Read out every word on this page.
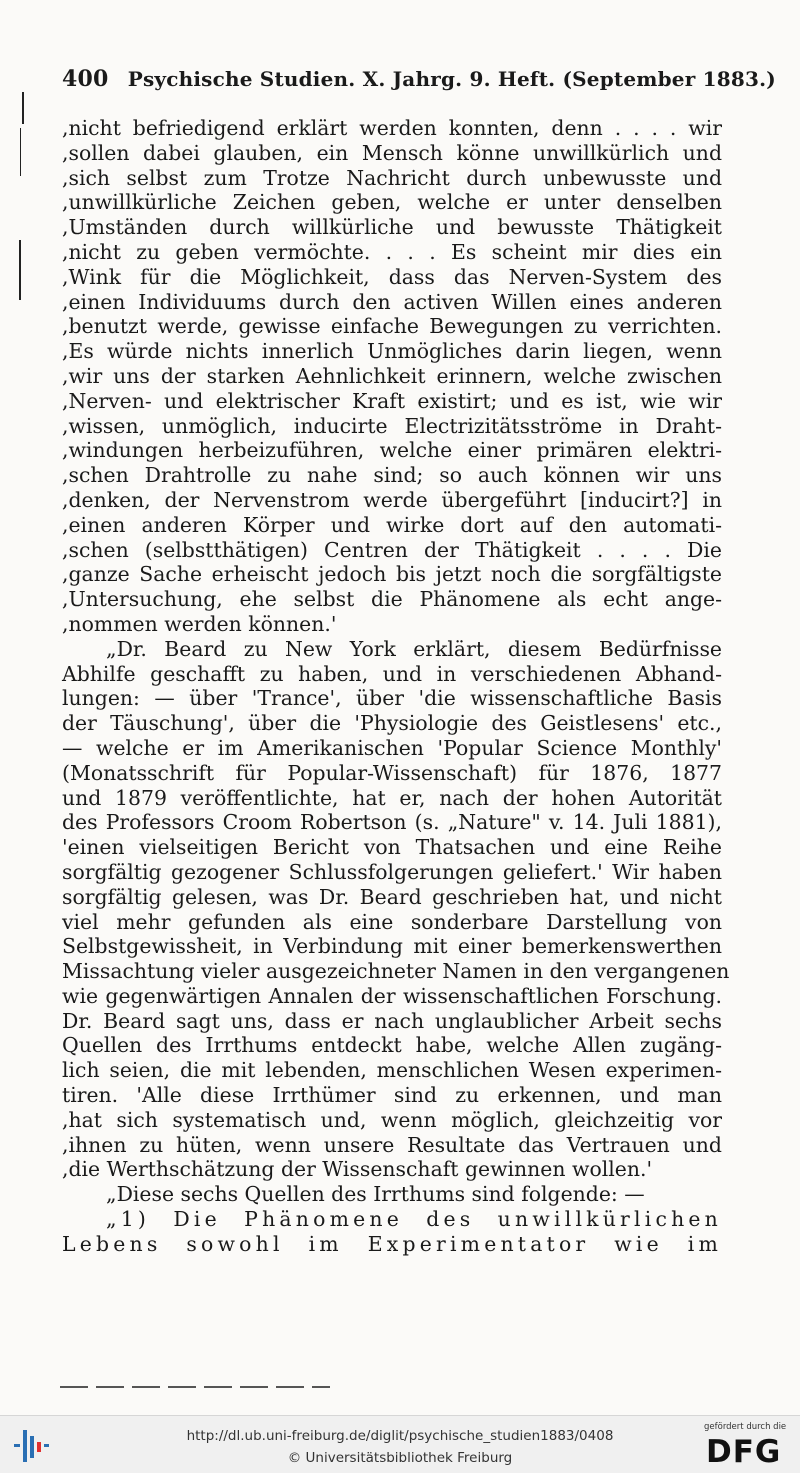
400 Psychische Studien. X. Jahrg. 9. Heft. (September 1883.)
,nicht befriedigend erklärt werden konnten, denn . . . . wir
,sollen dabei glauben, ein Mensch könne unwillkürlich und
,sich selbst zum Trotze Nachricht durch unbewusste und
,unwillkürliche Zeichen geben, welche er unter denselben
,Umständen durch willkürliche und bewusste Thätigkeit
,nicht zu geben vermöchte. . . . Es scheint mir dies ein
,Wink für die Möglichkeit, dass das Nerven-System des
,einen Individuums durch den activen Willen eines anderen
,benutzt werde, gewisse einfache Bewegungen zu verrichten.
,Es würde nichts innerlich Unmögliches darin liegen, wenn
,wir uns der starken Aehnlichkeit erinnern, welche zwischen
,Nerven- und elektrischer Kraft existirt; und es ist, wie wir
,wissen, unmöglich, inducirte Electrizitätsströme in Draht-
,windungen herbeizuführen, welche einer primären elektri-
,schen Drahtrolle zu nahe sind; so auch können wir uns
,denken, der Nervenstrom werde übergeführt [inducirt?] in
,einen anderen Körper und wirke dort auf den automati-
,schen (selbstthätigen) Centren der Thätigkeit . . . . Die
,ganze Sache erheischt jedoch bis jetzt noch die sorgfältigste
,Untersuchung, ehe selbst die Phänomene als echt ange-
,nommen werden können.'
„Dr. Beard zu New York erklärt, diesem Bedürfnisse
Abhilfe geschafft zu haben, und in verschiedenen Abhand-
lungen: — über 'Trance', über 'die wissenschaftliche Basis
der Täuschung', über die 'Physiologie des Geistlesens' etc.,
— welche er im Amerikanischen 'Popular Science Monthly'
(Monatsschrift für Popular-Wissenschaft) für 1876, 1877
und 1879 veröffentlichte, hat er, nach der hohen Autorität
des Professors Croom Robertson (s. „Nature" v. 14. Juli 1881),
'einen vielseitigen Bericht von Thatsachen und eine Reihe
sorgfältig gezogener Schlussfolgerungen geliefert.' Wir haben
sorgfältig gelesen, was Dr. Beard geschrieben hat, und nicht
viel mehr gefunden als eine sonderbare Darstellung von
Selbstgewissheit, in Verbindung mit einer bemerkenswerthen
Missachtung vieler ausgezeichneter Namen in den vergangenen
wie gegenwärtigen Annalen der wissenschaftlichen Forschung.
Dr. Beard sagt uns, dass er nach unglaublicher Arbeit sechs
Quellen des Irrthums entdeckt habe, welche Allen zugäng-
lich seien, die mit lebenden, menschlichen Wesen experimen-
tiren. 'Alle diese Irrthümer sind zu erkennen, und man
,hat sich systematisch und, wenn möglich, gleichzeitig vor
,ihnen zu hüten, wenn unsere Resultate das Vertrauen und
,die Werthschätzung der Wissenschaft gewinnen wollen.'
„Diese sechs Quellen des Irrthums sind folgende: —
„1) Die Phänomene des unwillkürlichen
Lebens sowohl im Experimentator wie im
http://dl.ub.uni-freiburg.de/diglit/psychische_studien1883/0408
© Universitätsbibliothek Freiburg
gefördert durch die
DFG
